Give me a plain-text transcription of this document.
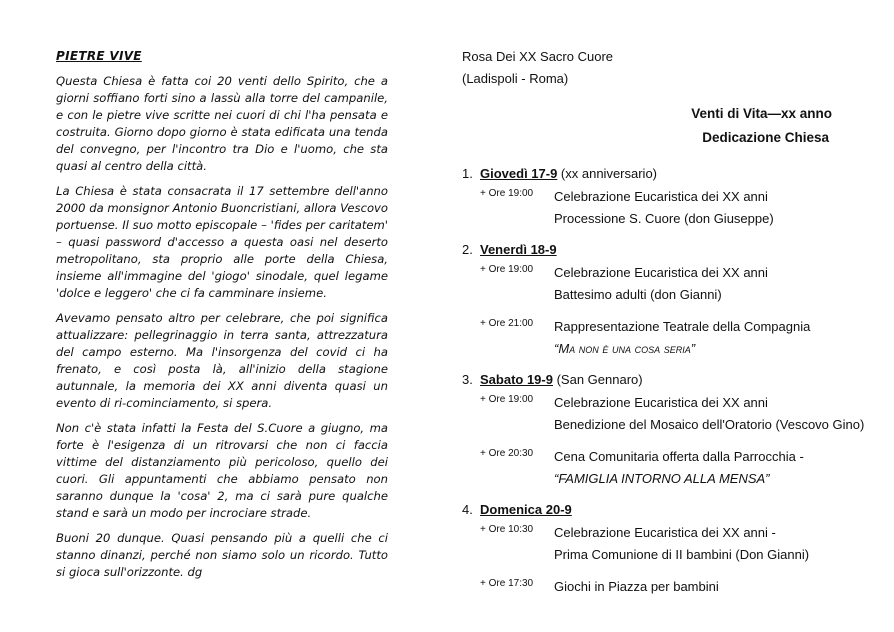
PIETRE VIVE

Questa Chiesa è fatta coi 20 venti dello Spirito, che a giorni soffiano forti sino a lassù alla torre del campanile, e con le pietre vive scritte nei cuori di chi l'ha pensata e costruita. Giorno dopo giorno è stata edificata una tenda del convegno, per l'incontro tra Dio e l'uomo, che sta quasi al centro della città.

La Chiesa è stata consacrata il 17 settembre dell'anno 2000 da monsignor Antonio Buoncristiani, allora Vescovo portuense. Il suo motto episcopale – 'fides per caritatem' – quasi password d'accesso a questa oasi nel deserto metropolitano, sta proprio alle porte della Chiesa, insieme all'immagine del 'giogo' sinodale, quel legame 'dolce e leggero' che ci fa camminare insieme.

Avevamo pensato altro per celebrare, che poi significa attualizzare: pellegrinaggio in terra santa, attrezzatura del campo esterno. Ma l'insorgenza del covid ci ha frenato, e così posta là, all'inizio della stagione autunnale, la memoria dei XX anni diventa quasi un evento di ri-cominciamento, si spera.

Non c'è stata infatti la Festa del S.Cuore a giugno, ma forte è l'esigenza di un ritrovarsi che non ci faccia vittime del distanziamento più pericoloso, quello dei cuori. Gli appuntamenti che abbiamo pensato non saranno dunque la 'cosa' 2, ma ci sarà pure qualche stand e sarà un modo per incrociare strade.

Buoni 20 dunque. Quasi pensando più a quelli che ci stanno dinanzi, perché non siamo solo un ricordo. Tutto si gioca sull'orizzonte. dg

Rosa Dei XX Sacro Cuore
(Ladispoli - Roma)
Venti di Vita—xx anno
Dedicazione Chiesa
1. Giovedì 17-9 (xx anniversario)
+ Ore 19:00 Celebrazione Eucaristica dei XX anni
Processione S. Cuore (don Giuseppe)
2. Venerdì 18-9
+ Ore 19:00 Celebrazione Eucaristica dei XX anni
Battesimo adulti (don Gianni)
+ Ore 21:00 Rappresentazione Teatrale della Compagnia
“Ma non è una cosa seria”
3. Sabato 19-9 (San Gennaro)
+ Ore 19:00 Celebrazione Eucaristica dei XX anni
Benedizione del Mosaico dell'Oratorio (Vescovo Gino)
+ Ore 20:30 Cena Comunitaria offerta dalla Parrocchia -
“FAMIGLIA INTORNO ALLA MENSA”
4. Domenica 20-9
+ Ore 10:30 Celebrazione Eucaristica dei XX anni -
Prima Comunione di II bambini (Don Gianni)
+ Ore 17:30 Giochi in Piazza per bambini
